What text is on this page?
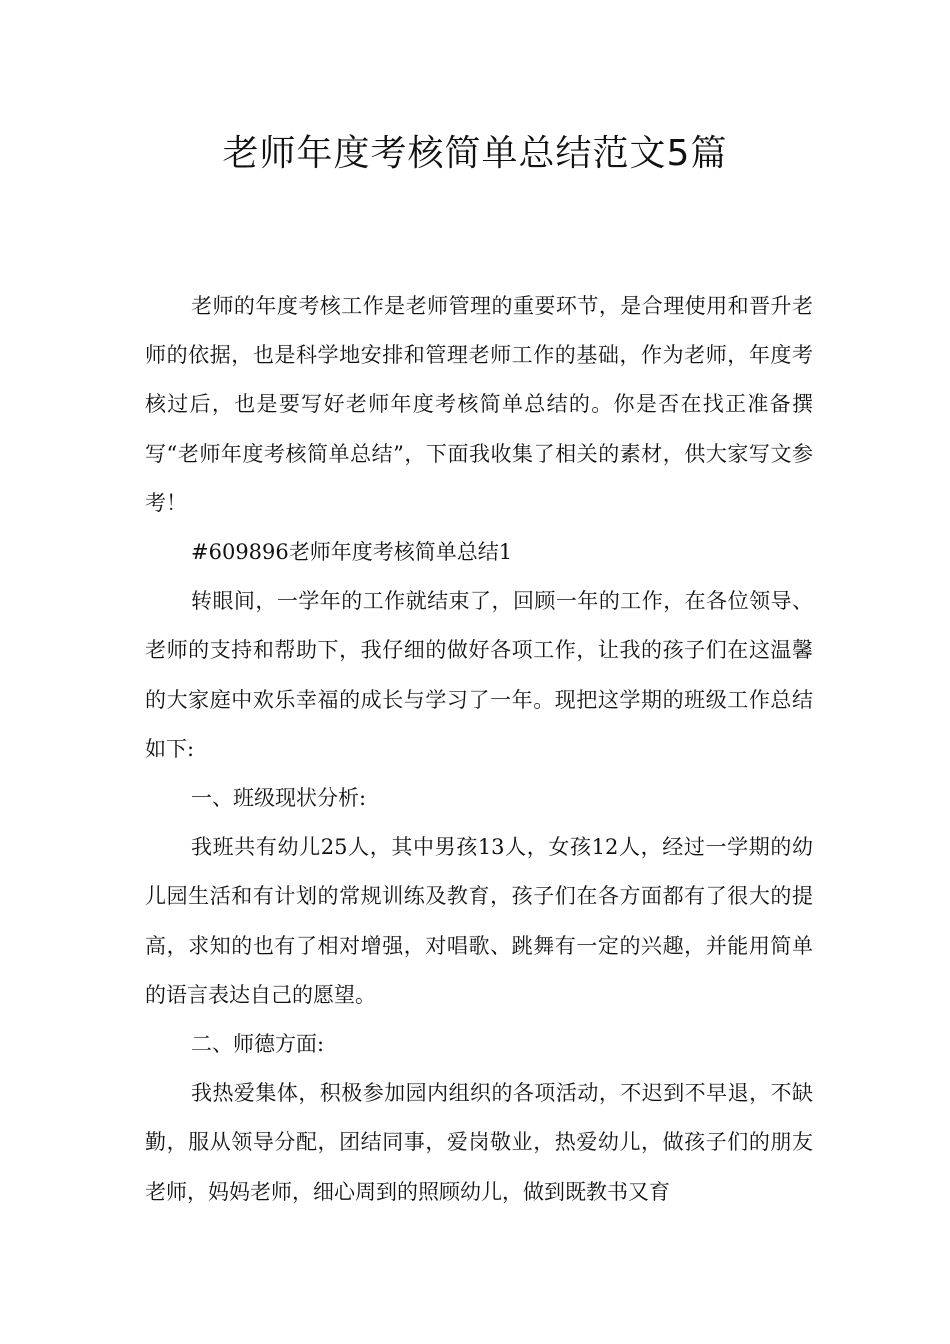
老师年度考核简单总结范文5篇

老师的年度考核工作是老师管理的重要环节，是合理使用和晋升老师的依据，也是科学地安排和管理老师工作的基础，作为老师，年度考核过后，也是要写好老师年度考核简单总结的。你是否在找正准备撰写“老师年度考核简单总结”，下面我收集了相关的素材，供大家写文参考！

#609896老师年度考核简单总结1

转眼间，一学年的工作就结束了，回顾一年的工作，在各位领导、老师的支持和帮助下，我仔细的做好各项工作，让我的孩子们在这温馨的大家庭中欢乐幸福的成长与学习了一年。现把这学期的班级工作总结如下:

一、班级现状分析:

我班共有幼儿25人，其中男孩13人，女孩12人，经过一学期的幼儿园生活和有计划的常规训练及教育，孩子们在各方面都有了很大的提高，求知的也有了相对增强，对唱歌、跳舞有一定的兴趣，并能用简单的语言表达自己的愿望。

二、师德方面:

我热爱集体，积极参加园内组织的各项活动，不迟到不早退，不缺勤，服从领导分配，团结同事，爱岗敬业，热爱幼儿，做孩子们的朋友老师，妈妈老师，细心周到的照顾幼儿，做到既教书又育
